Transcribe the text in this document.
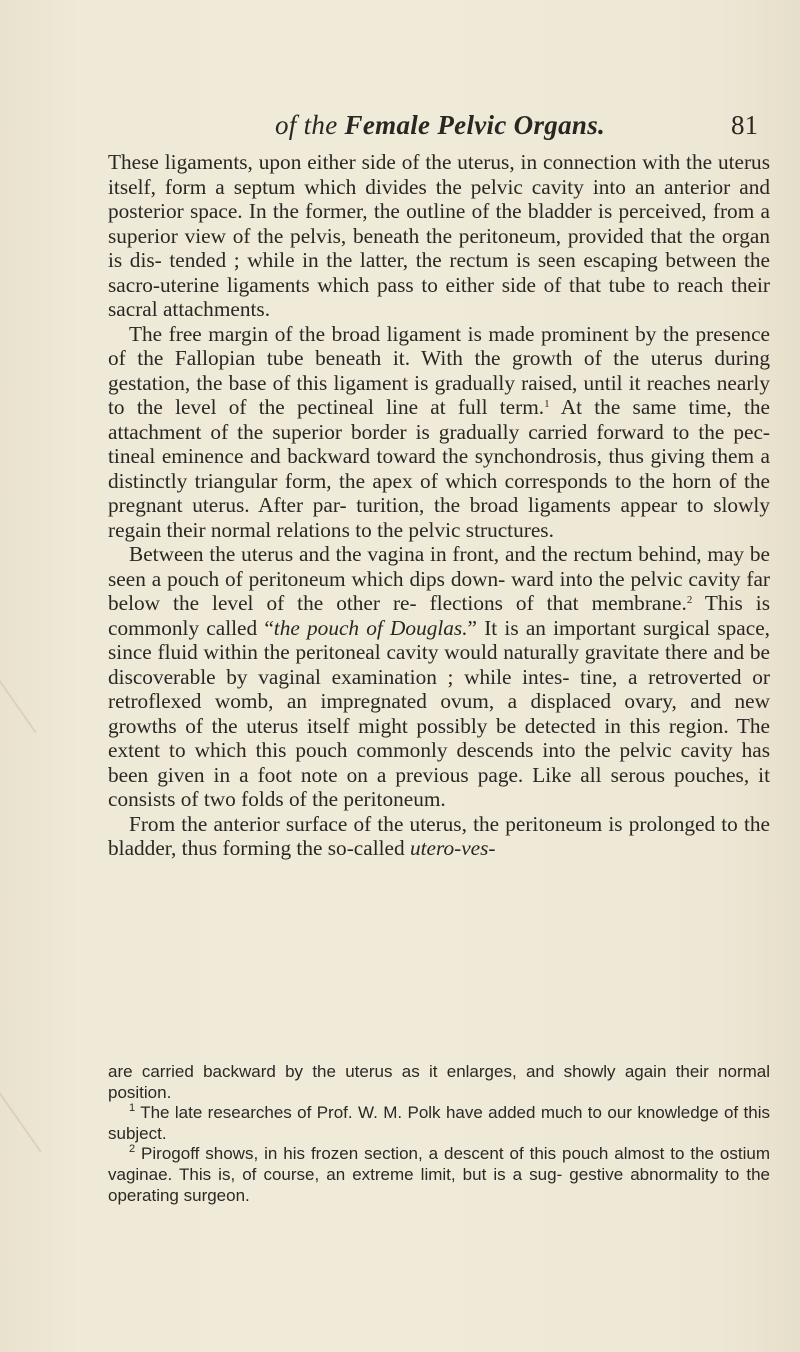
of the Female Pelvic Organs.	81

These ligaments, upon either side of the uterus, in connection with the uterus itself, form a septum which divides the pelvic cavity into an anterior and posterior space. In the former, the outline of the bladder is perceived, from a superior view of the pelvis, beneath the peritoneum, provided that the organ is dis- tended ; while in the latter, the rectum is seen escaping between the sacro-uterine ligaments which pass to either side of that tube to reach their sacral attachments.

The free margin of the broad ligament is made prominent by the presence of the Fallopian tube beneath it. With the growth of the uterus during gestation, the base of this ligament is gradually raised, until it reaches nearly to the level of the pectineal line at full term.$^1$ At the same time, the attachment of the superior border is gradually carried forward to the pec- tineal eminence and backward toward the synchondrosis, thus giving them a distinctly triangular form, the apex of which corresponds to the horn of the pregnant uterus. After par- turition, the broad ligaments appear to slowly regain their normal relations to the pelvic structures.

Between the uterus and the vagina in front, and the rectum behind, may be seen a pouch of peritoneum which dips down- ward into the pelvic cavity far below the level of the other re- flections of that membrane.$^2$ This is commonly called “the pouch of Douglas.” It is an important surgical space, since fluid within the peritoneal cavity would naturally gravitate there and be discoverable by vaginal examination ; while intes- tine, a retroverted or retroflexed womb, an impregnated ovum, a displaced ovary, and new growths of the uterus itself might possibly be detected in this region. The extent to which this pouch commonly descends into the pelvic cavity has been given in a foot note on a previous page. Like all serous pouches, it consists of two folds of the peritoneum.

From the anterior surface of the uterus, the peritoneum is prolonged to the bladder, thus forming the so-called utero-ves-

are carried backward by the uterus as it enlarges, and showly again their normal position.

$^1$ The late researches of Prof. W. M. Polk have added much to our knowledge of this subject.

$^2$ Pirogoff shows, in his frozen section, a descent of this pouch almost to the ostium vaginae. This is, of course, an extreme limit, but is a sug- gestive abnormality to the operating surgeon.
